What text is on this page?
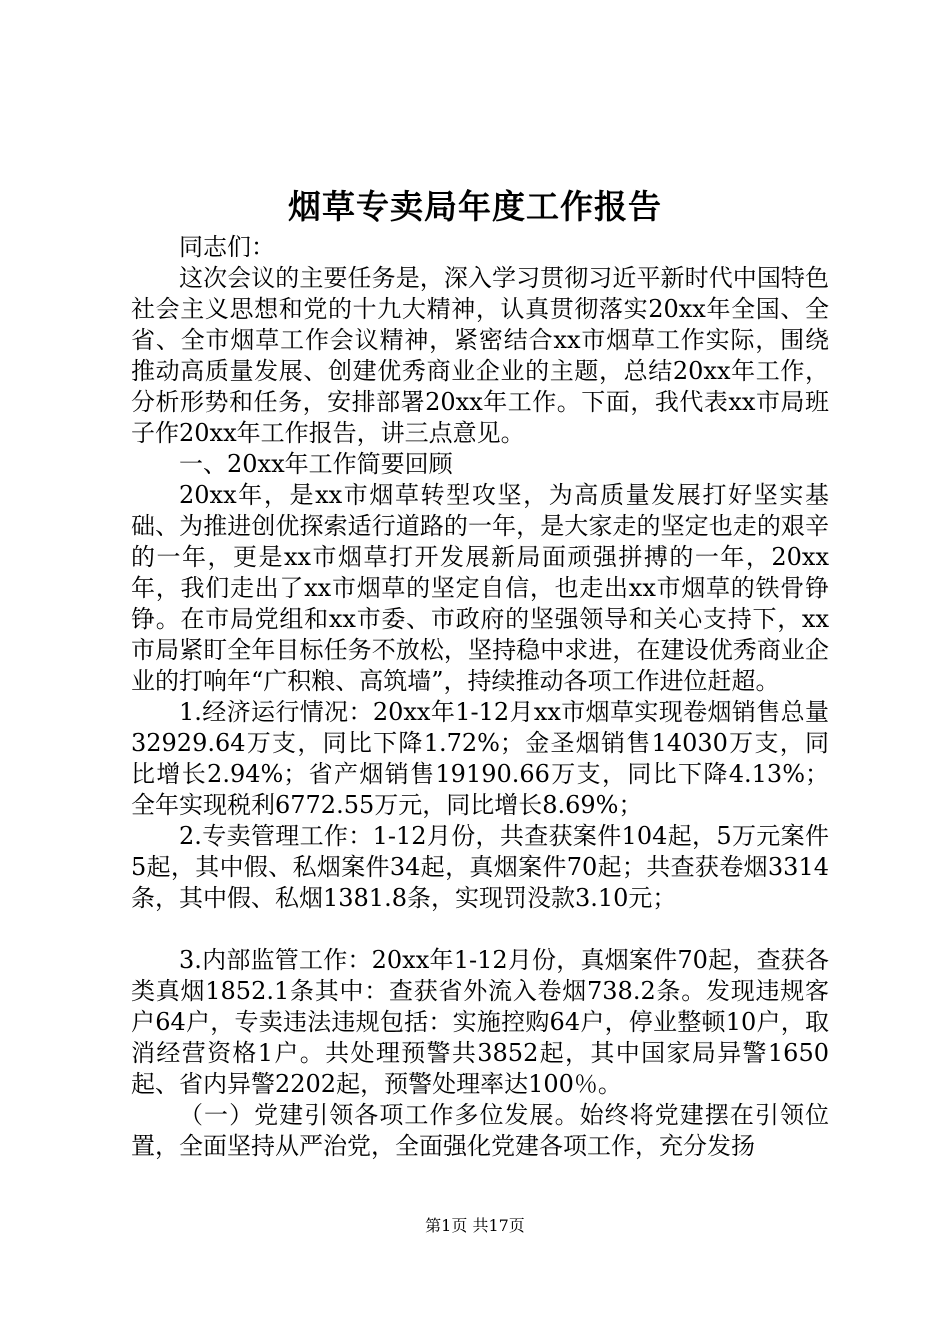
烟草专卖局年度工作报告

同志们：

这次会议的主要任务是，深入学习贯彻习近平新时代中国特色社会主义思想和党的十九大精神，认真贯彻落实20xx年全国、全省、全市烟草工作会议精神，紧密结合xx市烟草工作实际，围绕推动高质量发展、创建优秀商业企业的主题，总结20xx年工作，分析形势和任务，安排部署20xx年工作。下面，我代表xx市局班子作20xx年工作报告，讲三点意见。

一、20xx年工作简要回顾

20xx年，是xx市烟草转型攻坚，为高质量发展打好坚实基础、为推进创优探索适行道路的一年，是大家走的坚定也走的艰辛的一年，更是xx市烟草打开发展新局面顽强拼搏的一年，20xx年，我们走出了xx市烟草的坚定自信，也走出xx市烟草的铁骨铮铮。在市局党组和xx市委、市政府的坚强领导和关心支持下，xx市局紧盯全年目标任务不放松，坚持稳中求进，在建设优秀商业企业的打响年“广积粮、高筑墙”，持续推动各项工作进位赶超。

1.经济运行情况：20xx年1-12月xx市烟草实现卷烟销售总量32929.64万支，同比下降1.72%；金圣烟销售14030万支，同比增长2.94%；省产烟销售19190.66万支，同比下降4.13%；全年实现税利6772.55万元，同比增长8.69%；

2.专卖管理工作：1-12月份，共查获案件104起，5万元案件5起，其中假、私烟案件34起，真烟案件70起；共查获卷烟3314条，其中假、私烟1381.8条，实现罚没款3.10元；

3.内部监管工作：20xx年1-12月份，真烟案件70起，查获各类真烟1852.1条其中：查获省外流入卷烟738.2条。发现违规客户64户，专卖违法违规包括：实施控购64户，停业整顿10户，取消经营资格1户。共处理预警共3852起，其中国家局异警1650起、省内异警2202起，预警处理率达100％。

（一）党建引领各项工作多位发展。始终将党建摆在引领位置，全面坚持从严治党，全面强化党建各项工作，充分发扬

第1页 共17页
